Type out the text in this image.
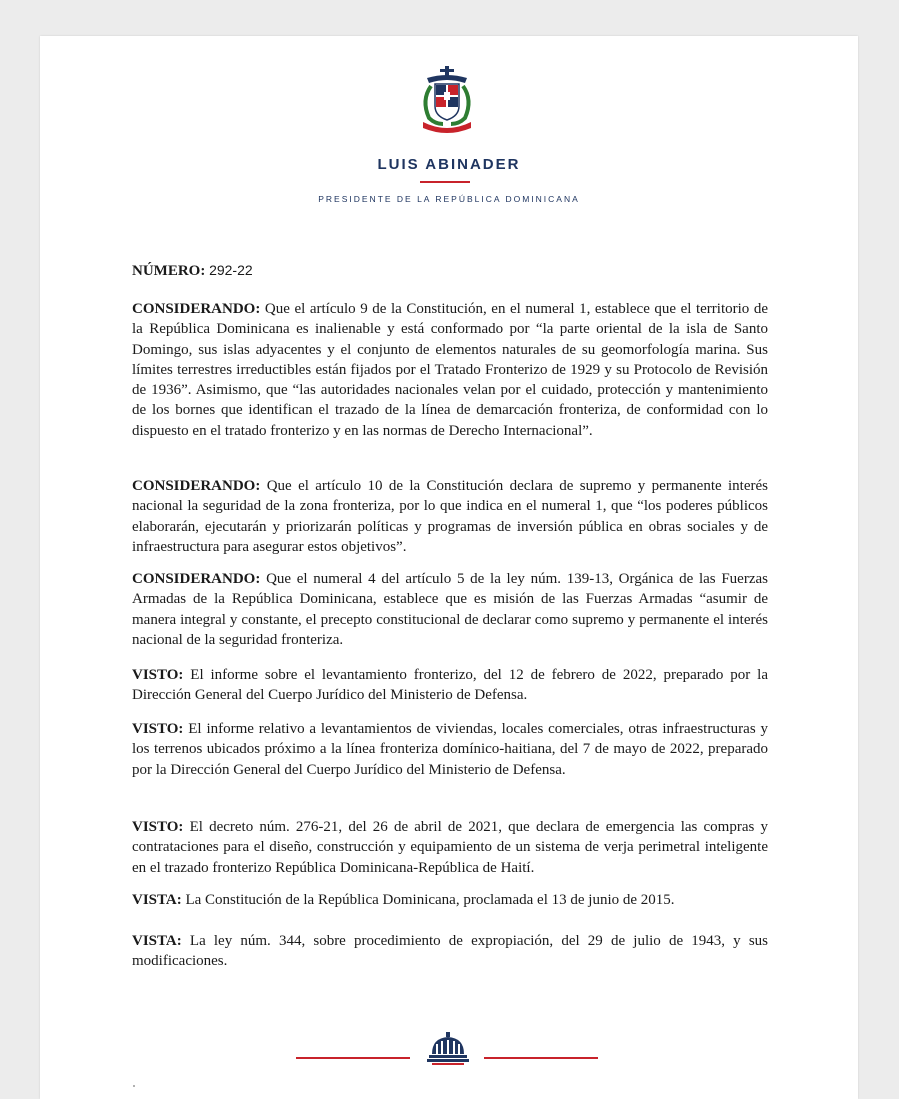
LUIS ABINADER
PRESIDENTE DE LA REPÚBLICA DOMINICANA
NÚMERO: 292-22

CONSIDERANDO: Que el artículo 9 de la Constitución, en el numeral 1, establece que el territorio de la República Dominicana es inalienable y está conformado por “la parte oriental de la isla de Santo Domingo, sus islas adyacentes y el conjunto de elementos naturales de su geomorfología marina. Sus límites terrestres irreductibles están fijados por el Tratado Fronterizo de 1929 y su Protocolo de Revisión de 1936”. Asimismo, que “las autoridades nacionales velan por el cuidado, protección y mantenimiento de los bornes que identifican el trazado de la línea de demarcación fronteriza, de conformidad con lo dispuesto en el tratado fronterizo y en las normas de Derecho Internacional”.

CONSIDERANDO: Que el artículo 10 de la Constitución declara de supremo y permanente interés nacional la seguridad de la zona fronteriza, por lo que indica en el numeral 1, que “los poderes públicos elaborarán, ejecutarán y priorizarán políticas y programas de inversión pública en obras sociales y de infraestructura para asegurar estos objetivos”.

CONSIDERANDO: Que el numeral 4 del artículo 5 de la ley núm. 139-13, Orgánica de las Fuerzas Armadas de la República Dominicana, establece que es misión de las Fuerzas Armadas “asumir de manera integral y constante, el precepto constitucional de declarar como supremo y permanente el interés nacional de la seguridad fronteriza.

VISTO: El informe sobre el levantamiento fronterizo, del 12 de febrero de 2022, preparado por la Dirección General del Cuerpo Jurídico del Ministerio de Defensa.

VISTO: El informe relativo a levantamientos de viviendas, locales comerciales, otras infraestructuras y los terrenos ubicados próximo a la línea fronteriza domínico-haitiana, del 7 de mayo de 2022, preparado por la Dirección General del Cuerpo Jurídico del Ministerio de Defensa.

VISTO: El decreto núm. 276-21, del 26 de abril de 2021, que declara de emergencia las compras y contrataciones para el diseño, construcción y equipamiento de un sistema de verja perimetral inteligente en el trazado fronterizo República Dominicana-República de Haití.

VISTA: La Constitución de la República Dominicana, proclamada el 13 de junio de 2015.

VISTA: La ley núm. 344, sobre procedimiento de expropiación, del 29 de julio de 1943, y sus modificaciones.
